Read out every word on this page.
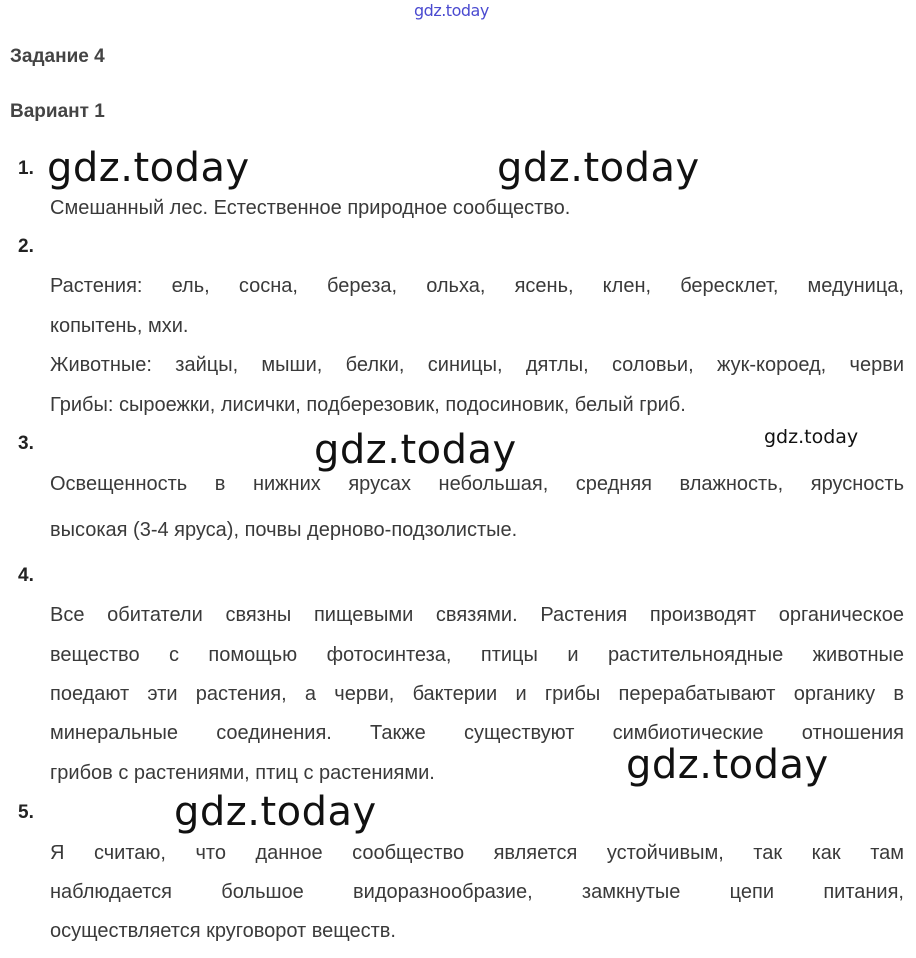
gdz.today
gdz.today	gdz.today
gdz.today	gdz.today
gdz.today
gdz.today
Задание 4
Вариант 1
1.
Смешанный лес. Естественное природное сообщество.
2.
Растения: ель, сосна, береза, ольха, ясень, клен, бересклет, медуница,
копытень, мхи.
Животные: зайцы, мыши, белки, синицы, дятлы, соловьи, жук-короед, черви
Грибы: сыроежки, лисички, подберезовик, подосиновик, белый гриб.
3.
Освещенность в нижних ярусах небольшая, средняя влажность, ярусность
высокая (3-4 яруса), почвы дерново-подзолистые.
4.
Все обитатели связны пищевыми связями. Растения производят органическое
вещество с помощью фотосинтеза, птицы и растительноядные животные
поедают эти растения, а черви, бактерии и грибы перерабатывают органику в
минеральные соединения. Также существуют симбиотические отношения
грибов с растениями, птиц с растениями.
5.
Я считаю, что данное сообщество является устойчивым, так как там
наблюдается большое видоразнообразие, замкнутые цепи питания,
осуществляется круговорот веществ.
